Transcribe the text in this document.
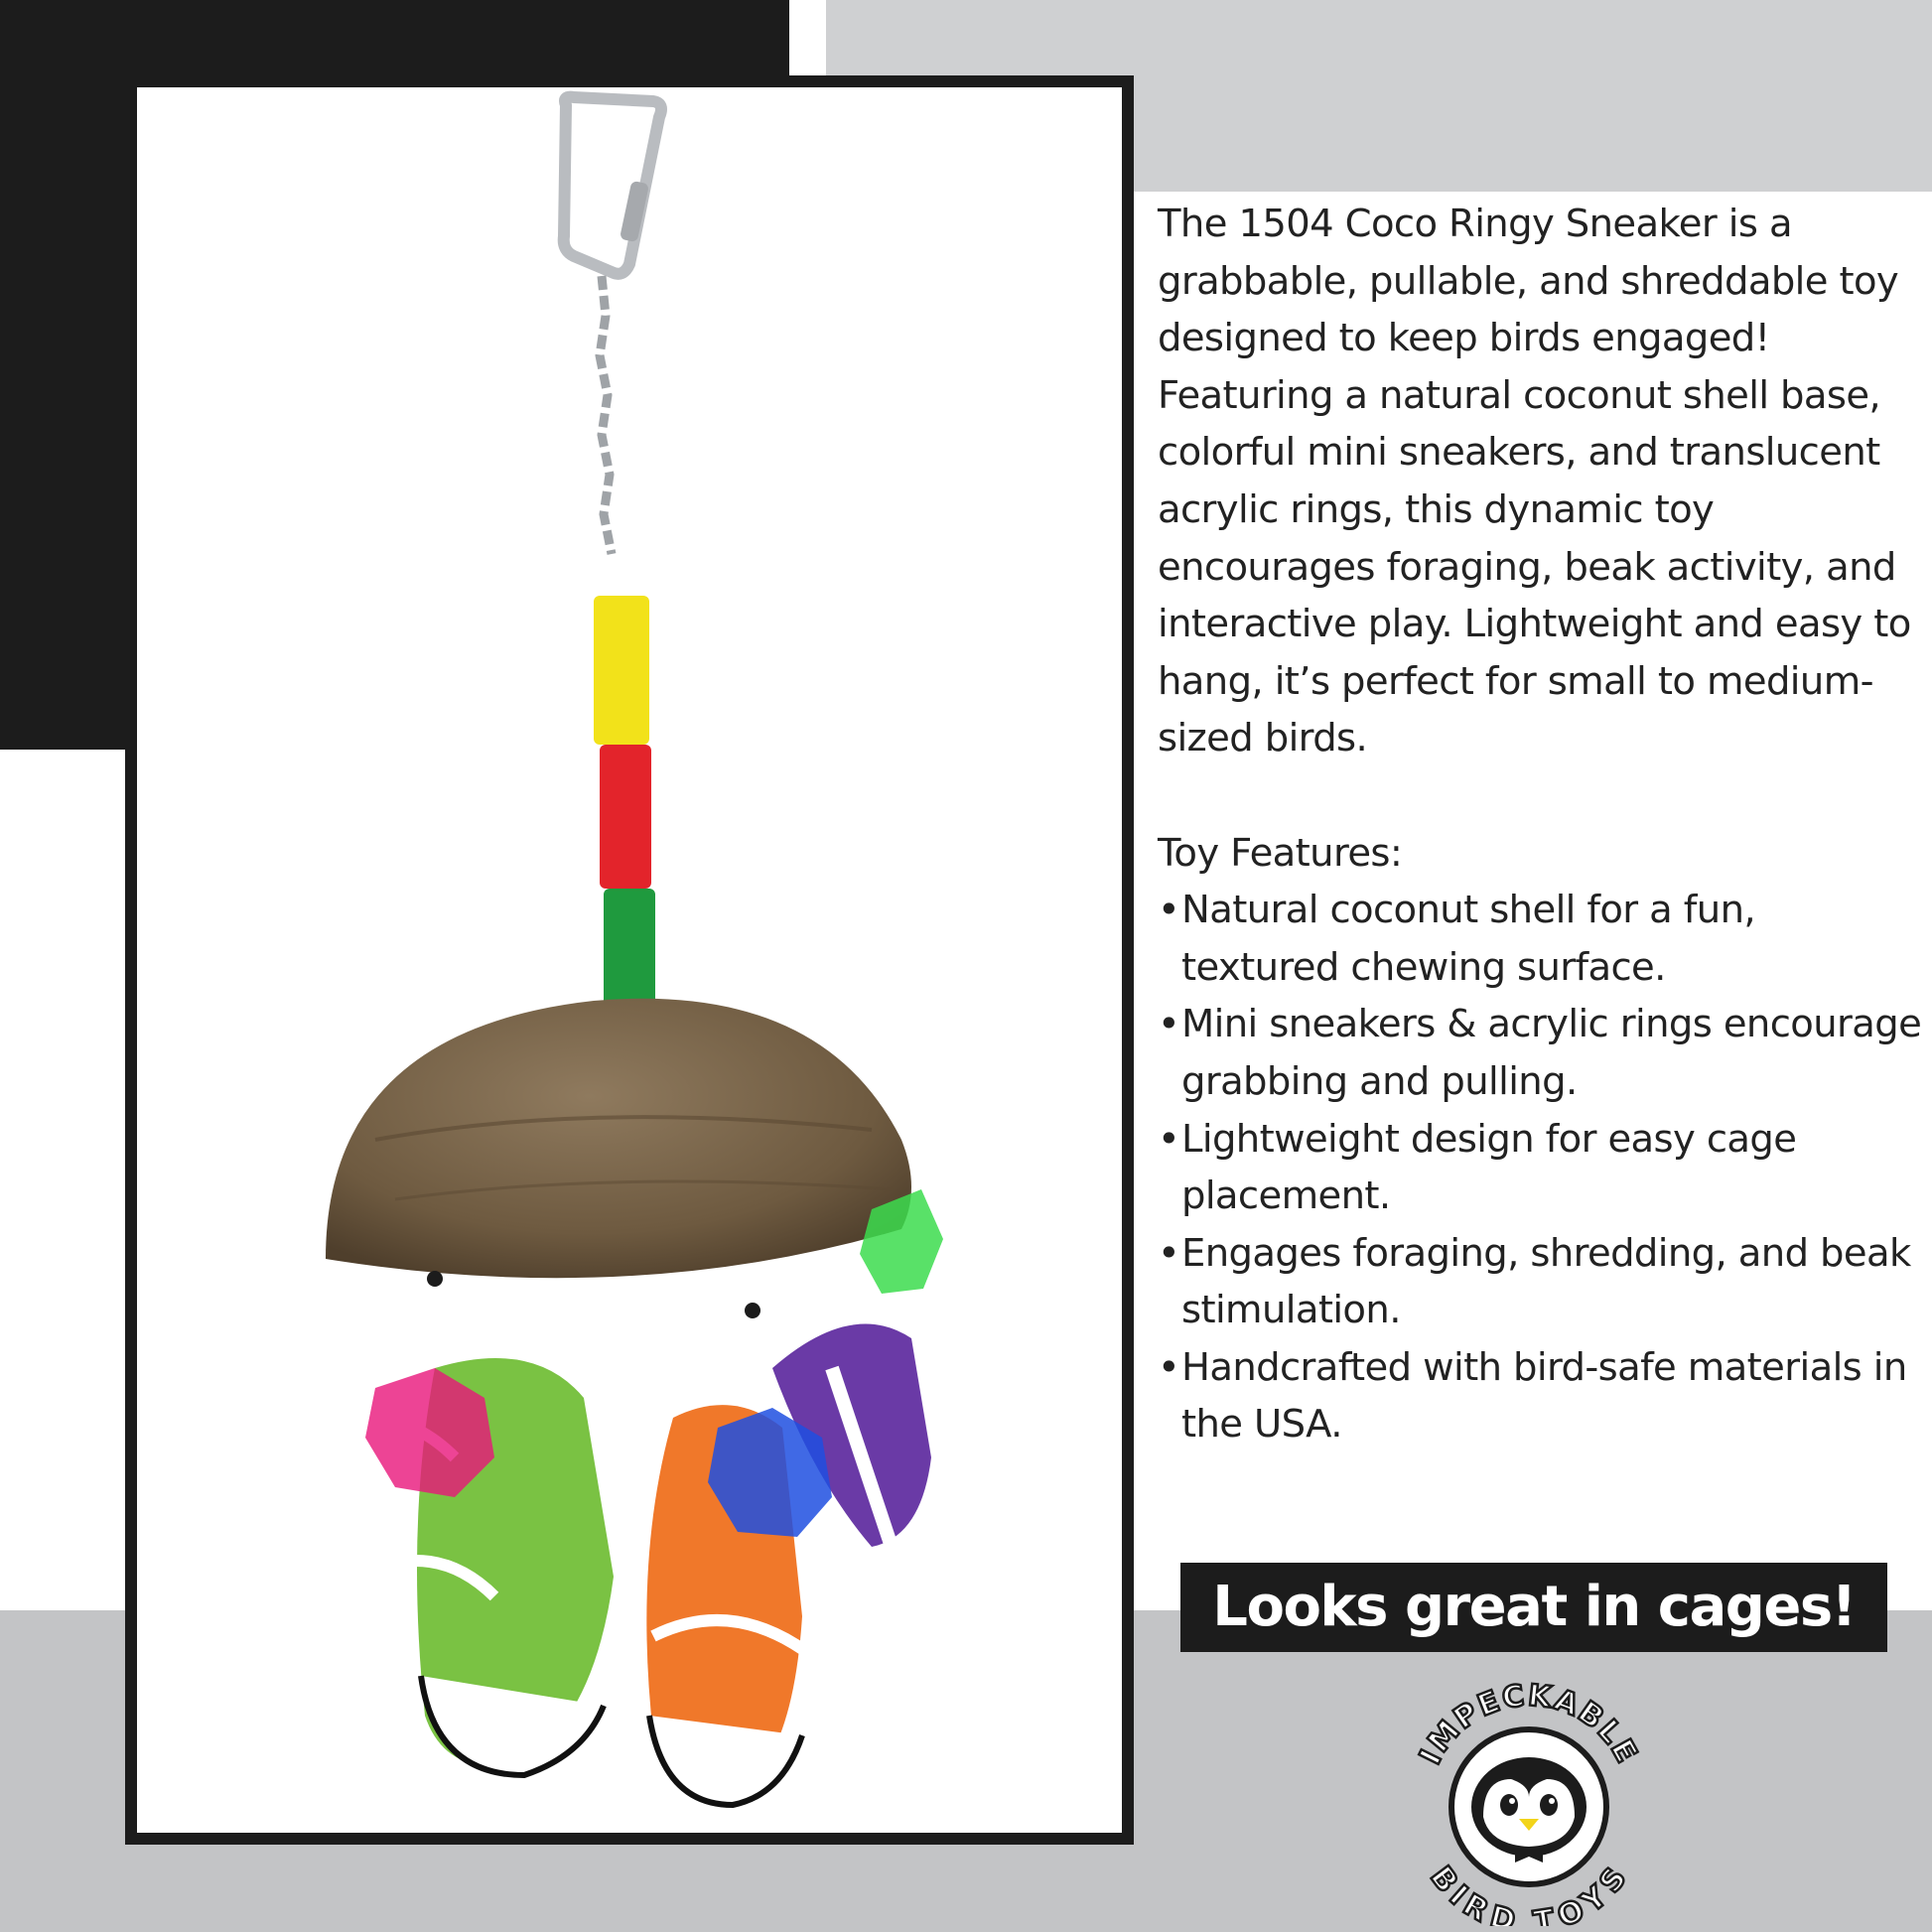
The 1504 Coco Ringy Sneaker is a grabbable, pullable, and shreddable toy designed to keep birds engaged! Featuring a natural coconut shell base, colorful mini sneakers, and translucent acrylic rings, this dynamic toy encourages foraging, beak activity, and interactive play. Lightweight and easy to hang, it’s perfect for small to medium-sized birds.

Toy Features:

• Natural coconut shell for a fun, textured chewing surface.
• Mini sneakers & acrylic rings encourage grabbing and pulling.
• Lightweight design for easy cage placement.
• Engages foraging, shredding, and beak stimulation.
• Handcrafted with bird-safe materials in the USA.
Looks great in cages!
IMPECKABLE
BIRD TOYS
